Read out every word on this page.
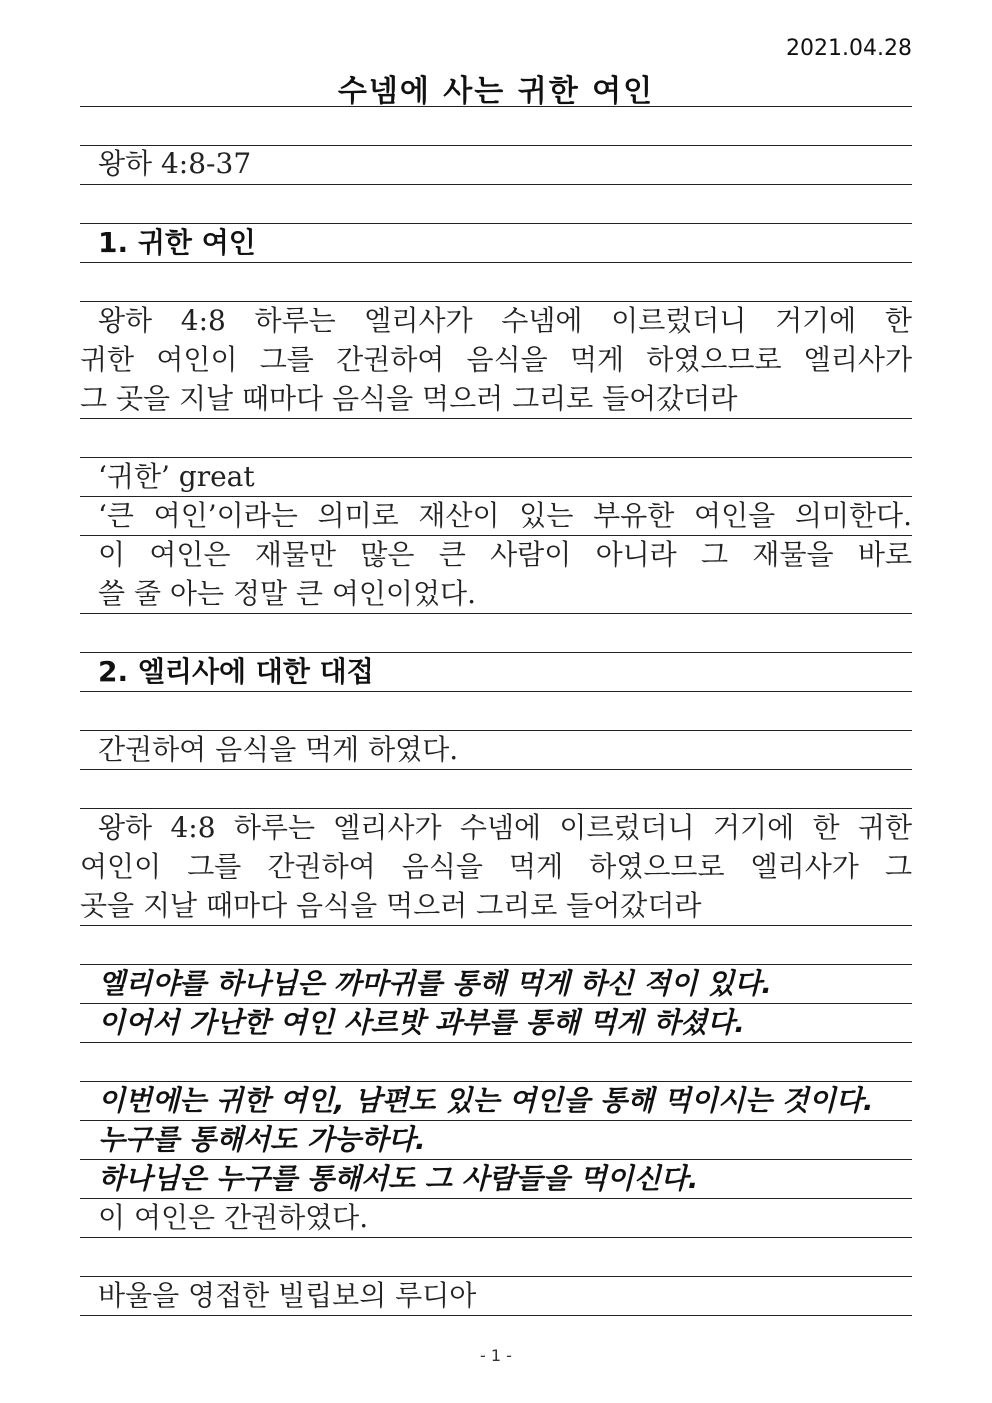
2021.04.28
수넴에 사는 귀한 여인
왕하 4:8-37
1. 귀한 여인
왕하 4:8 하루는 엘리사가 수넴에 이르렀더니 거기에 한
귀한 여인이 그를 간권하여 음식을 먹게 하였으므로 엘리사가
그 곳을 지날 때마다 음식을 먹으러 그리로 들어갔더라
‘귀한’ great
‘큰 여인’이라는 의미로 재산이 있는 부유한 여인을 의미한다.
이 여인은 재물만 많은 큰 사람이 아니라 그 재물을 바로
쓸 줄 아는 정말 큰 여인이었다.
2. 엘리사에 대한 대접
간권하여 음식을 먹게 하였다.
왕하 4:8 하루는 엘리사가 수넴에 이르렀더니 거기에 한 귀한
여인이 그를 간권하여 음식을 먹게 하였으므로 엘리사가 그
곳을 지날 때마다 음식을 먹으러 그리로 들어갔더라
엘리야를 하나님은 까마귀를 통해 먹게 하신 적이 있다.
이어서 가난한 여인 사르밧 과부를 통해 먹게 하셨다.
이번에는 귀한 여인, 남편도 있는 여인을 통해 먹이시는 것이다.
누구를 통해서도 가능하다.
하나님은 누구를 통해서도 그 사람들을 먹이신다.
이 여인은 간권하였다.
바울을 영접한 빌립보의 루디아
- 1 -
